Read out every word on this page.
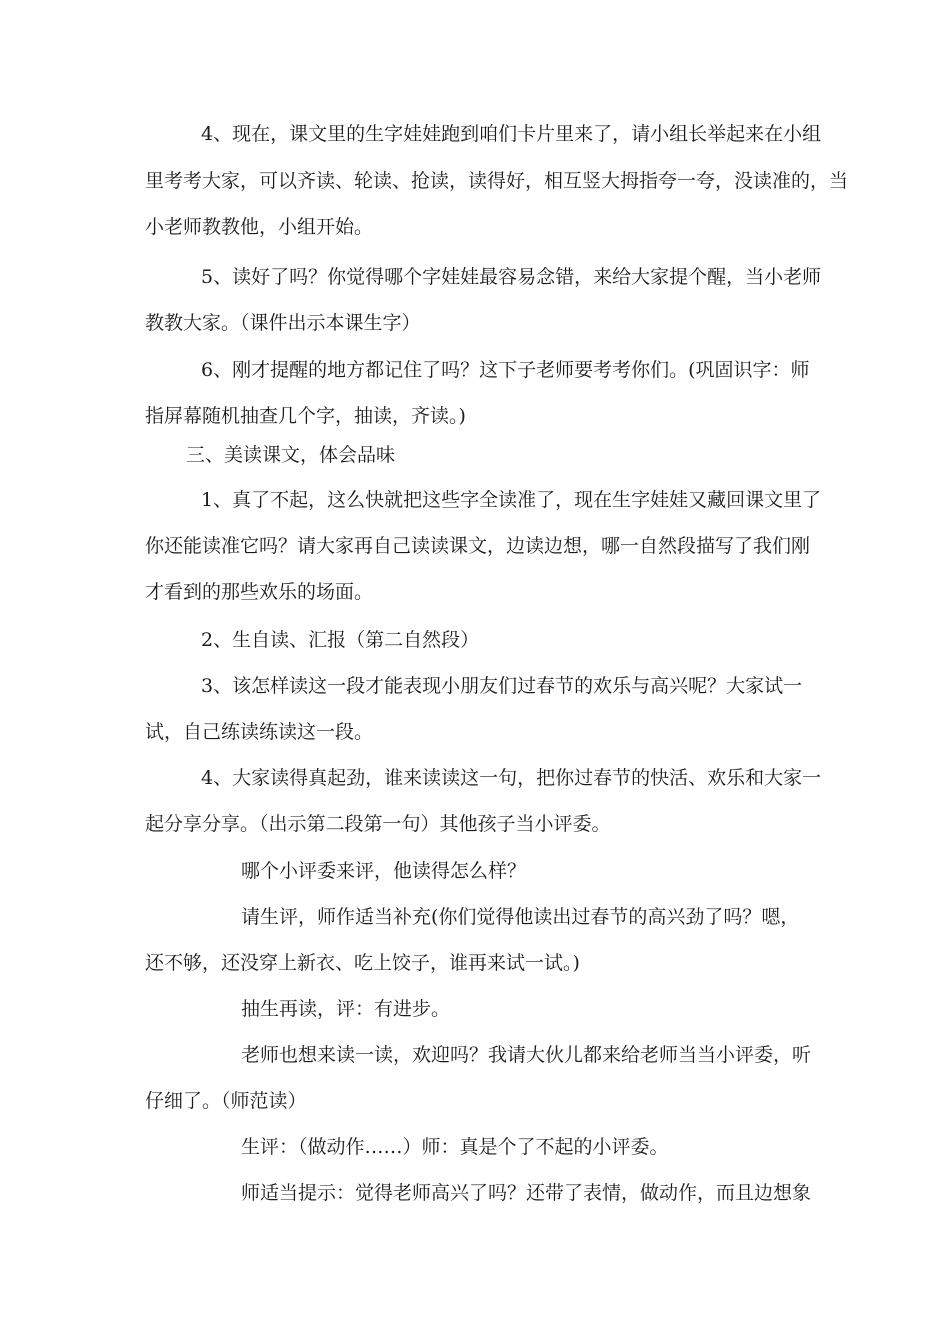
4、现在，课文里的生字娃娃跑到咱们卡片里来了，请小组长举起来在小组
里考考大家，可以齐读、轮读、抢读，读得好，相互竖大拇指夸一夸，没读准的，当
小老师教教他，小组开始。
5、读好了吗？你觉得哪个字娃娃最容易念错，来给大家提个醒，当小老师
教教大家。（课件出示本课生字）
6、刚才提醒的地方都记住了吗？这下子老师要考考你们。(巩固识字：师
指屏幕随机抽查几个字，抽读，齐读。)
三、美读课文，体会品味
1、真了不起，这么快就把这些字全读准了，现在生字娃娃又藏回课文里了
你还能读准它吗？请大家再自己读读课文，边读边想，哪一自然段描写了我们刚
才看到的那些欢乐的场面。
2、生自读、汇报（第二自然段）
3、该怎样读这一段才能表现小朋友们过春节的欢乐与高兴呢？大家试一
试，自己练读练读这一段。
4、大家读得真起劲，谁来读读这一句，把你过春节的快活、欢乐和大家一
起分享分享。（出示第二段第一句）其他孩子当小评委。
哪个小评委来评，他读得怎么样？
请生评，师作适当补充(你们觉得他读出过春节的高兴劲了吗？嗯，
还不够，还没穿上新衣、吃上饺子，谁再来试一试。)
抽生再读，评：有进步。
老师也想来读一读，欢迎吗？我请大伙儿都来给老师当当小评委，听
仔细了。（师范读）
生评：（做动作……）师：真是个了不起的小评委。
师适当提示：觉得老师高兴了吗？还带了表情，做动作，而且边想象
